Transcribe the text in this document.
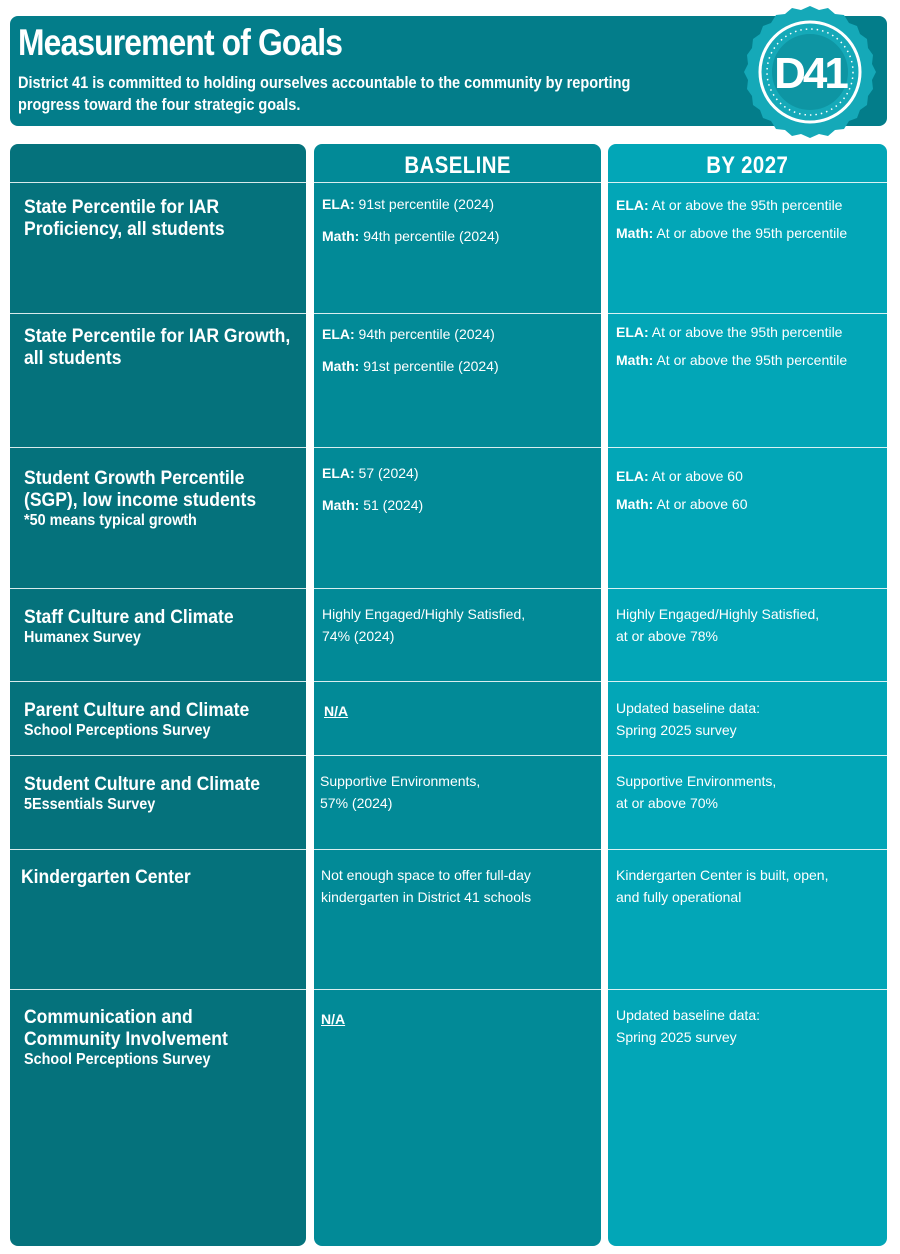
Measurement of Goals
District 41 is committed to holding ourselves accountable to the community by reporting progress toward the four strategic goals.
D41
State Percentile for IAR Proficiency, all students
State Percentile for IAR Growth, all students
Student Growth Percentile (SGP), low income students
*50 means typical growth
Staff Culture and Climate
Humanex Survey
Parent Culture and Climate
School Perceptions Survey
Student Culture and Climate
5Essentials Survey
Kindergarten Center
Communication and Community Involvement
School Perceptions Survey
BASELINE
ELA: 91st percentile (2024)
Math: 94th percentile (2024)
ELA: 94th percentile (2024)
Math: 91st percentile (2024)
ELA: 57 (2024)
Math: 51 (2024)
Highly Engaged/Highly Satisfied,
74% (2024)
N/A
Supportive Environments,
57% (2024)
Not enough space to offer full-day
kindergarten in District 41 schools
N/A
BY 2027
ELA: At or above the 95th percentile
Math: At or above the 95th percentile
ELA: At or above the 95th percentile
Math: At or above the 95th percentile
ELA: At or above 60
Math: At or above 60
Highly Engaged/Highly Satisfied,
at or above 78%
Updated baseline data:
Spring 2025 survey
Supportive Environments,
at or above 70%
Kindergarten Center is built, open,
and fully operational
Updated baseline data:
Spring 2025 survey
